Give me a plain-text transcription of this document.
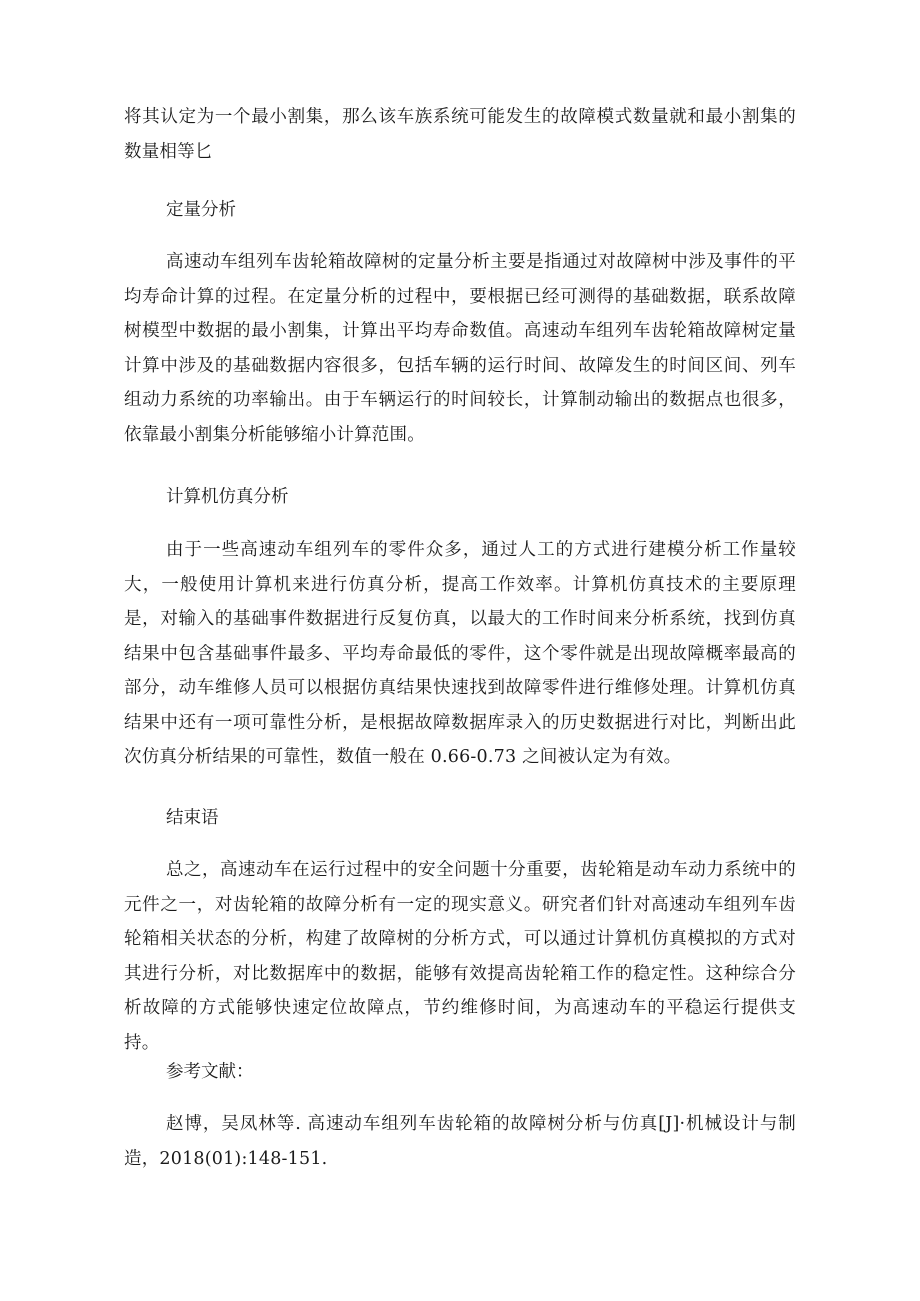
将其认定为一个最小割集，那么该车族系统可能发生的故障模式数量就和最小割集的数量相等匕

定量分析

高速动车组列车齿轮箱故障树的定量分析主要是指通过对故障树中涉及事件的平均寿命计算的过程。在定量分析的过程中，要根据已经可测得的基础数据，联系故障树模型中数据的最小割集，计算出平均寿命数值。高速动车组列车齿轮箱故障树定量计算中涉及的基础数据内容很多，包括车辆的运行时间、故障发生的时间区间、列车组动力系统的功率输出。由于车辆运行的时间较长，计算制动输出的数据点也很多，依靠最小割集分析能够缩小计算范围。

计算机仿真分析

由于一些高速动车组列车的零件众多，通过人工的方式进行建模分析工作量较大，一般使用计算机来进行仿真分析，提高工作效率。计算机仿真技术的主要原理是，对输入的基础事件数据进行反复仿真，以最大的工作时间来分析系统，找到仿真结果中包含基础事件最多、平均寿命最低的零件，这个零件就是出现故障概率最高的部分，动车维修人员可以根据仿真结果快速找到故障零件进行维修处理。计算机仿真结果中还有一项可靠性分析，是根据故障数据库录入的历史数据进行对比，判断出此次仿真分析结果的可靠性，数值一般在 0.66-0.73 之间被认定为有效。

结束语

总之，高速动车在运行过程中的安全问题十分重要，齿轮箱是动车动力系统中的元件之一，对齿轮箱的故障分析有一定的现实意义。研究者们针对高速动车组列车齿轮箱相关状态的分析，构建了故障树的分析方式，可以通过计算机仿真模拟的方式对其进行分析，对比数据库中的数据，能够有效提高齿轮箱工作的稳定性。这种综合分析故障的方式能够快速定位故障点，节约维修时间，为高速动车的平稳运行提供支持。

参考文献：

赵博，吴凤林等. 高速动车组列车齿轮箱的故障树分析与仿真[J]·机械设计与制造，2018(01):148-151.
